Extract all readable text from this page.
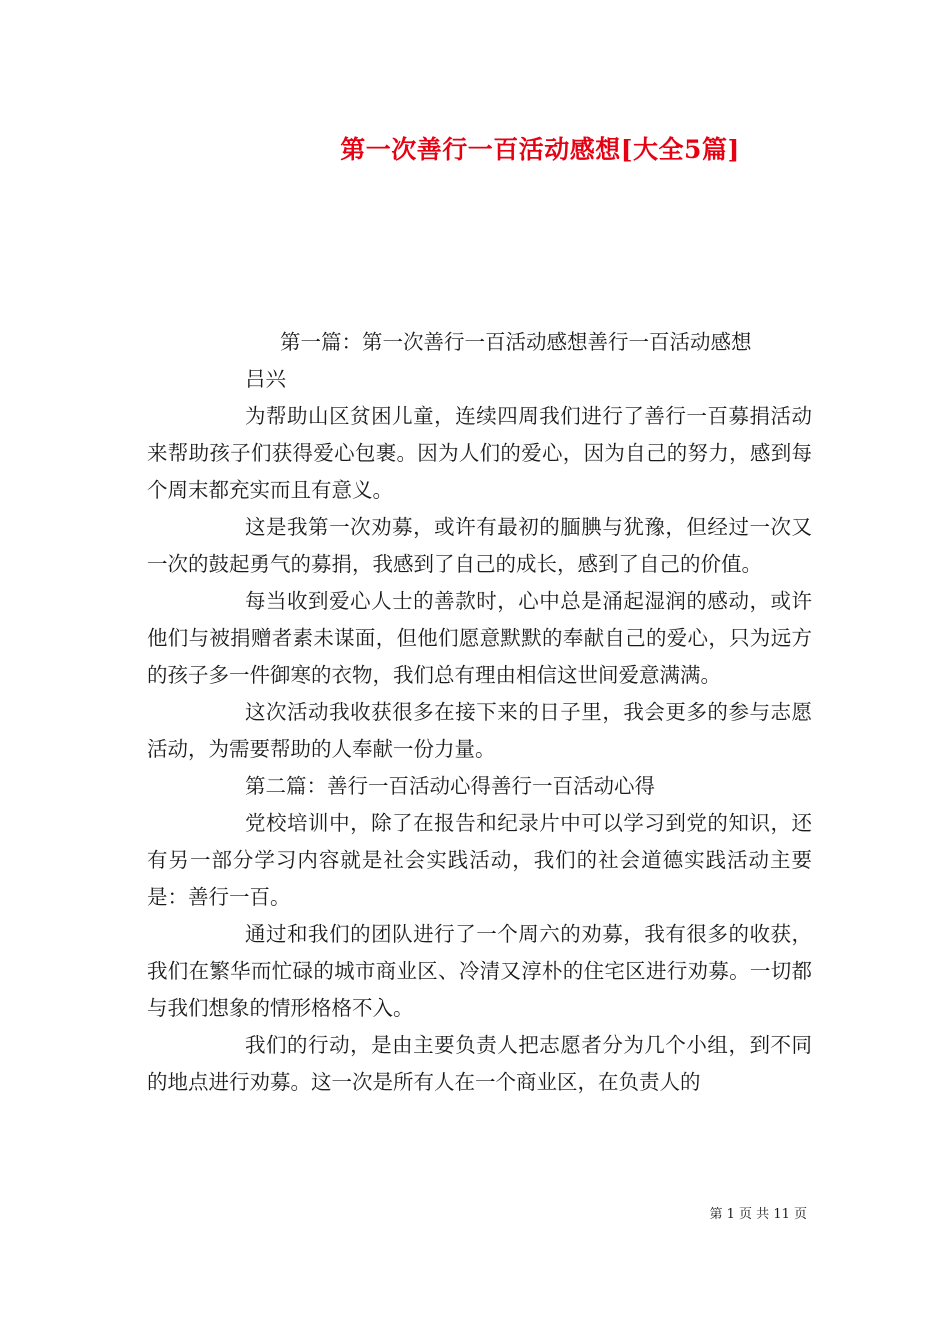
第一次善行一百活动感想[大全5篇]

第一篇：第一次善行一百活动感想善行一百活动感想

吕兴

为帮助山区贫困儿童，连续四周我们进行了善行一百募捐活动来帮助孩子们获得爱心包裹。因为人们的爱心，因为自己的努力，感到每个周末都充实而且有意义。

这是我第一次劝募，或许有最初的腼腆与犹豫，但经过一次又一次的鼓起勇气的募捐，我感到了自己的成长，感到了自己的价值。

每当收到爱心人士的善款时，心中总是涌起湿润的感动，或许他们与被捐赠者素未谋面，但他们愿意默默的奉献自己的爱心，只为远方的孩子多一件御寒的衣物，我们总有理由相信这世间爱意满满。

这次活动我收获很多在接下来的日子里，我会更多的参与志愿活动，为需要帮助的人奉献一份力量。

第二篇：善行一百活动心得善行一百活动心得

党校培训中，除了在报告和纪录片中可以学习到党的知识，还有另一部分学习内容就是社会实践活动，我们的社会道德实践活动主要是：善行一百。

通过和我们的团队进行了一个周六的劝募，我有很多的收获，我们在繁华而忙碌的城市商业区、冷清又淳朴的住宅区进行劝募。一切都与我们想象的情形格格不入。

我们的行动，是由主要负责人把志愿者分为几个小组，到不同的地点进行劝募。这一次是所有人在一个商业区，在负责人的

第 1 页 共 11 页
